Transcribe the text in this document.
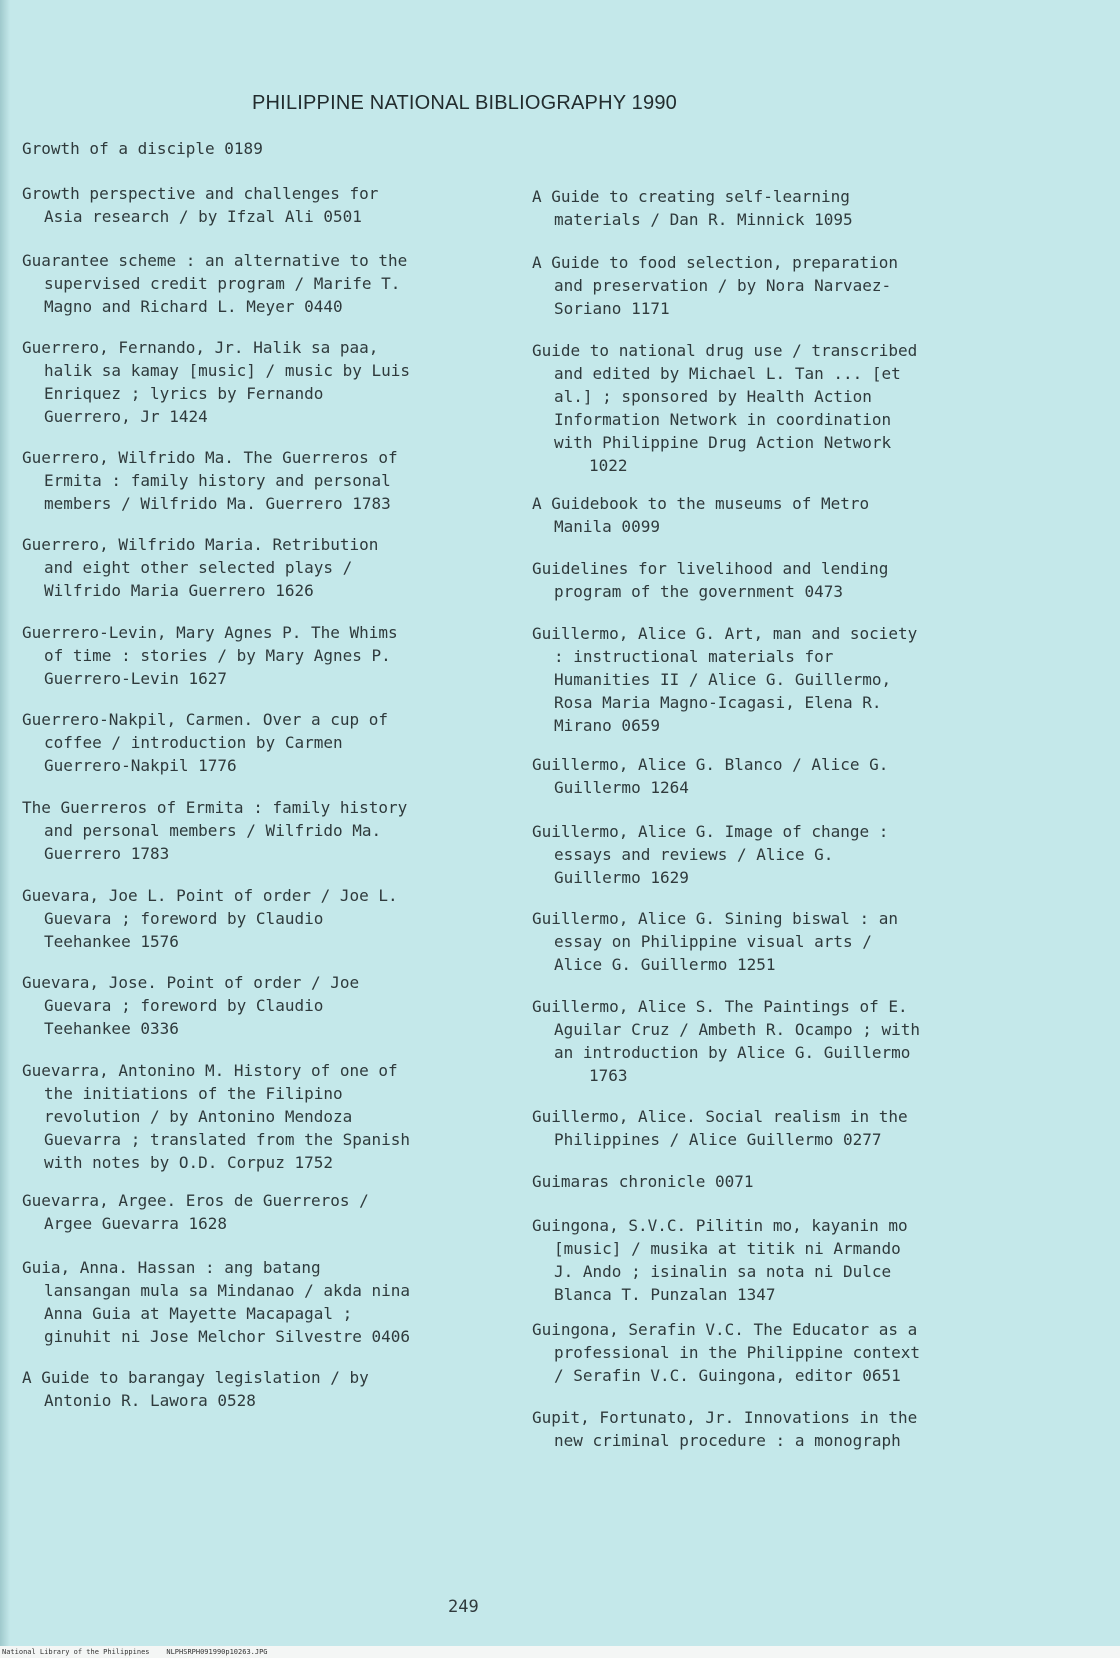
PHILIPPINE NATIONAL BIBLIOGRAPHY 1990
Growth of a disciple 0189
Growth perspective and challenges for
Asia research / by Ifzal Ali 0501
Guarantee scheme : an alternative to the
supervised credit program / Marife T.
Magno and Richard L. Meyer 0440
Guerrero, Fernando, Jr. Halik sa paa,
halik sa kamay [music] / music by Luis
Enriquez ; lyrics by Fernando
Guerrero, Jr 1424
Guerrero, Wilfrido Ma. The Guerreros of
Ermita : family history and personal
members / Wilfrido Ma. Guerrero 1783
Guerrero, Wilfrido Maria. Retribution
and eight other selected plays /
Wilfrido Maria Guerrero 1626
Guerrero-Levin, Mary Agnes P. The Whims
of time : stories / by Mary Agnes P.
Guerrero-Levin 1627
Guerrero-Nakpil, Carmen. Over a cup of
coffee / introduction by Carmen
Guerrero-Nakpil 1776
The Guerreros of Ermita : family history
and personal members / Wilfrido Ma.
Guerrero 1783
Guevara, Joe L. Point of order / Joe L.
Guevara ; foreword by Claudio
Teehankee 1576
Guevara, Jose. Point of order / Joe
Guevara ; foreword by Claudio
Teehankee 0336
Guevarra, Antonino M. History of one of
the initiations of the Filipino
revolution / by Antonino Mendoza
Guevarra ; translated from the Spanish
with notes by O.D. Corpuz 1752
Guevarra, Argee. Eros de Guerreros /
Argee Guevarra 1628
Guia, Anna. Hassan : ang batang
lansangan mula sa Mindanao / akda nina
Anna Guia at Mayette Macapagal ;
ginuhit ni Jose Melchor Silvestre 0406
A Guide to barangay legislation / by
Antonio R. Lawora 0528
A Guide to creating self-learning
materials / Dan R. Minnick 1095
A Guide to food selection, preparation
and preservation / by Nora Narvaez-
Soriano 1171
Guide to national drug use / transcribed
and edited by Michael L. Tan ... [et
al.] ; sponsored by Health Action
Information Network in coordination
with Philippine Drug Action Network
1022
A Guidebook to the museums of Metro
Manila 0099
Guidelines for livelihood and lending
program of the government 0473
Guillermo, Alice G. Art, man and society
: instructional materials for
Humanities II / Alice G. Guillermo,
Rosa Maria Magno-Icagasi, Elena R.
Mirano 0659
Guillermo, Alice G. Blanco / Alice G.
Guillermo 1264
Guillermo, Alice G. Image of change :
essays and reviews / Alice G.
Guillermo 1629
Guillermo, Alice G. Sining biswal : an
essay on Philippine visual arts /
Alice G. Guillermo 1251
Guillermo, Alice S. The Paintings of E.
Aguilar Cruz / Ambeth R. Ocampo ; with
an introduction by Alice G. Guillermo
1763
Guillermo, Alice. Social realism in the
Philippines / Alice Guillermo 0277
Guimaras chronicle 0071
Guingona, S.V.C. Pilitin mo, kayanin mo
[music] / musika at titik ni Armando
J. Ando ; isinalin sa nota ni Dulce
Blanca T. Punzalan 1347
Guingona, Serafin V.C. The Educator as a
professional in the Philippine context
/ Serafin V.C. Guingona, editor 0651
Gupit, Fortunato, Jr. Innovations in the
new criminal procedure : a monograph
249
National Library of the Philippines NLPHSRPH091990p10263.JPG
